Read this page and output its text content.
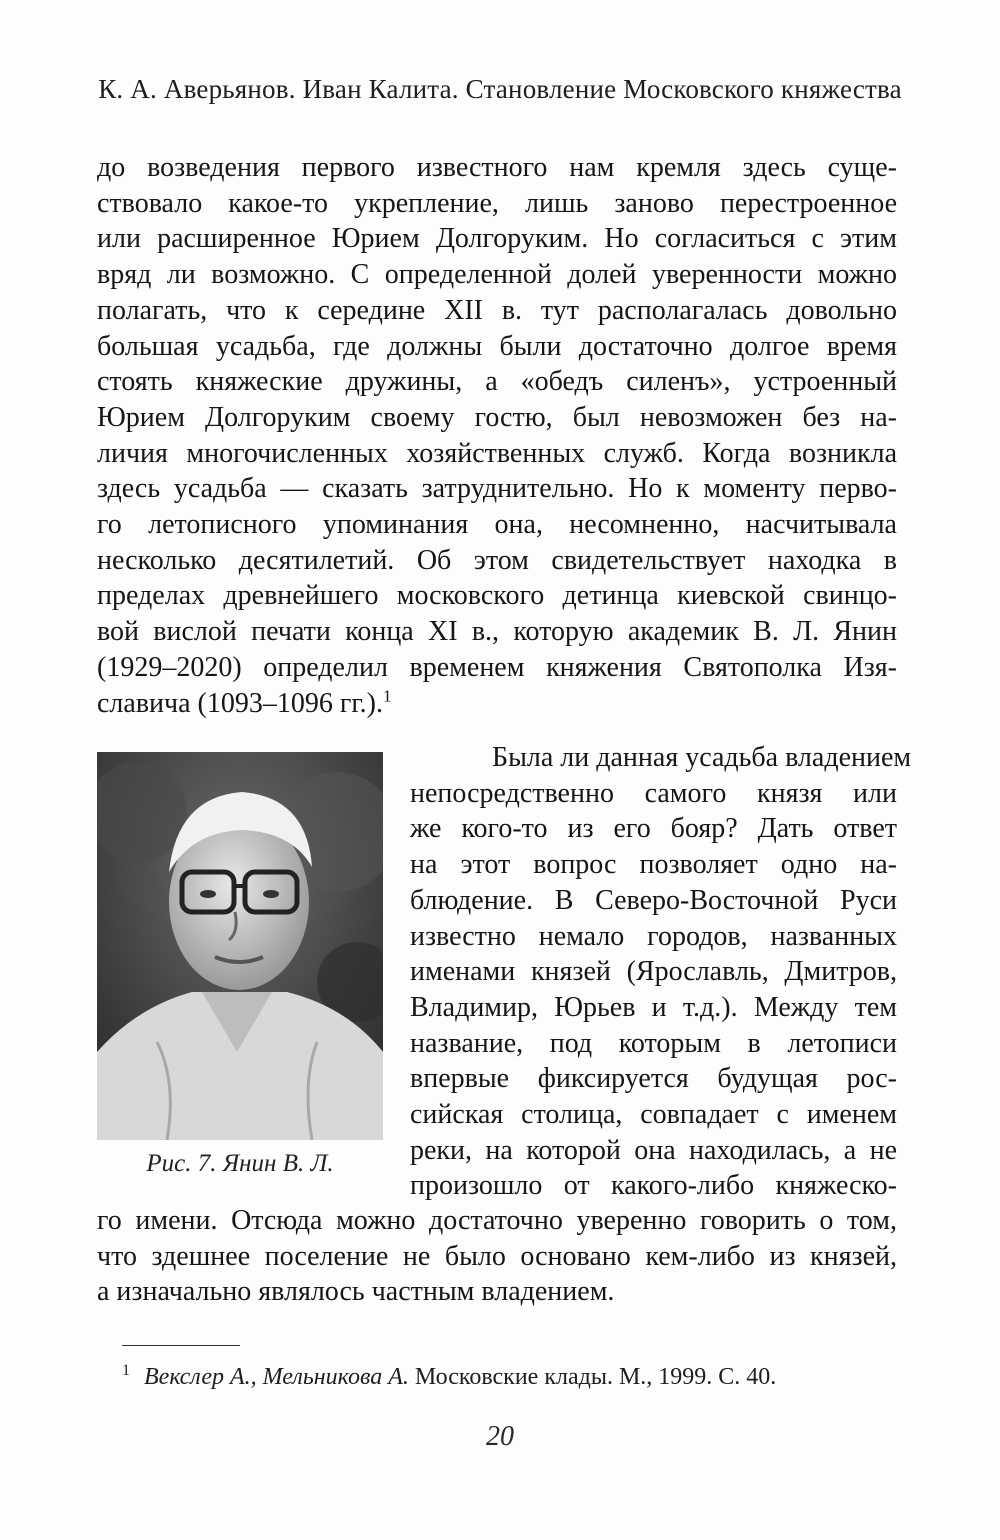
К. А. Аверьянов. Иван Калита. Становление Московского княжества
до возведения первого известного нам кремля здесь суще-
ствовало какое-то укрепление, лишь заново перестроенное
или расширенное Юрием Долгоруким. Но согласиться с этим
вряд ли возможно. С определенной долей уверенности можно
полагать, что к середине XII в. тут располагалась довольно
большая усадьба, где должны были достаточно долгое время
стоять княжеские дружины, а «обедъ силенъ», устроенный
Юрием Долгоруким своему гостю, был невозможен без на-
личия многочисленных хозяйственных служб. Когда возникла
здесь усадьба — сказать затруднительно. Но к моменту перво-
го летописного упоминания она, несомненно, насчитывала
несколько десятилетий. Об этом свидетельствует находка в
пределах древнейшего московского детинца киевской свинцо-
вой вислой печати конца XI в., которую академик В. Л. Янин
(1929–2020) определил временем княжения Святополка Изя-
славича (1093–1096 гг.).$^1$
Рис. 7. Янин В. Л.
Была ли данная усадьба владением
непосредственно самого князя или
же кого-то из его бояр? Дать ответ
на этот вопрос позволяет одно на-
блюдение. В Северо-Восточной Руси
известно немало городов, названных
именами князей (Ярославль, Дмитров,
Владимир, Юрьев и т.д.). Между тем
название, под которым в летописи
впервые фиксируется будущая рос-
сийская столица, совпадает с именем
реки, на которой она находилась, а не
произошло от какого-либо княжеско-
го имени. Отсюда можно достаточно уверенно говорить о том,
что здешнее поселение не было основано кем-либо из князей,
а изначально являлось частным владением.
$^1$ Векслер А., Мельникова А. Московские клады. М., 1999. С. 40.
20
